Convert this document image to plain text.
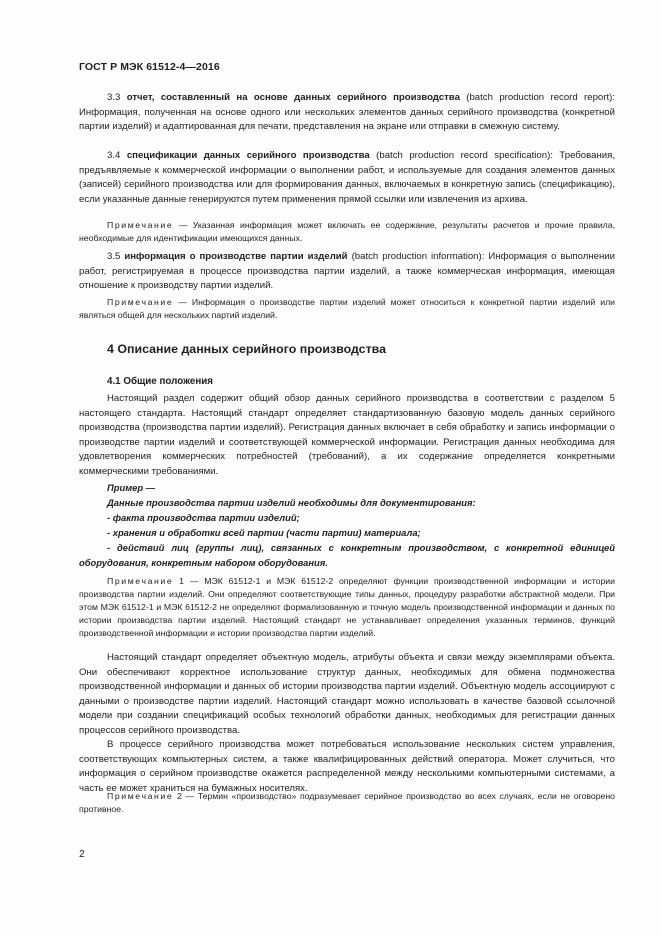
ГОСТ Р МЭК 61512-4—2016
3.3 отчет, составленный на основе данных серийного производства (batch production record report): Информация, полученная на основе одного или нескольких элементов данных серийного производства (конкретной партии изделий) и адаптированная для печати, представления на экране или отправки в смежную систему.
3.4 спецификации данных серийного производства (batch production record specification): Требования, предъявляемые к коммерческой информации о выполнении работ, и используемые для создания элементов данных (записей) серийного производства или для формирования данных, включаемых в конкретную запись (спецификацию), если указанные данные генерируются путем применения прямой ссылки или извлечения из архива.
Примечание — Указанная информация может включать ее содержание, результаты расчетов и прочие правила, необходимые для идентификации имеющихся данных.
3.5 информация о производстве партии изделий (batch production information): Информация о выполнении работ, регистрируемая в процессе производства партии изделий, а также коммерческая информация, имеющая отношение к производству партии изделий.
Примечание — Информация о производстве партии изделий может относиться к конкретной партии изделий или являться общей для нескольких партий изделий.
4 Описание данных серийного производства
4.1 Общие положения
Настоящий раздел содержит общий обзор данных серийного производства в соответствии с разделом 5 настоящего стандарта. Настоящий стандарт определяет стандартизованную базовую модель данных серийного производства (производства партии изделий). Регистрация данных включает в себя обработку и запись информации о производстве партии изделий и соответствующей коммерческой информации. Регистрация данных необходима для удовлетворения коммерческих потребностей (требований), а их содержание определяется конкретными коммерческими требованиями.
Пример —
Данные производства партии изделий необходимы для документирования:
- факта производства партии изделий;
- хранения и обработки всей партии (части партии) материала;
- действий лиц (группы лиц), связанных с конкретным производством, с конкретной единицей оборудования, конкретным набором оборудования.
Примечание 1 — МЭК 61512-1 и МЭК 61512-2 определяют функции производственной информации и истории производства партии изделий. Они определяют соответствующие типы данных, процедуру разработки абстрактной модели. При этом МЭК 61512-1 и МЭК 61512-2 не определяют формализованную и точную модель производственной информации и данных по истории производства партии изделий. Настоящий стандарт не устанавливает определения указанных терминов, функций производственной информации и истории производства партии изделий.
Настоящий стандарт определяет объектную модель, атрибуты объекта и связи между экземплярами объекта. Они обеспечивают корректное использование структур данных, необходимых для обмена подмножества производственной информации и данных об истории производства партии изделий. Объектную модель ассоциируют с данными о производстве партии изделий. Настоящий стандарт можно использовать в качестве базовой ссылочной модели при создании спецификаций особых технологий обработки данных, необходимых для регистрации данных процессов серийного производства.
В процессе серийного производства может потребоваться использование нескольких систем управления, соответствующих компьютерных систем, а также квалифицированных действий оператора. Может случиться, что информация о серийном производстве окажется распределенной между несколькими компьютерными системами, а часть ее может храниться на бумажных носителях.
Примечание 2 — Термин «производство» подразумевает серийное производство во всех случаях, если не оговорено противное.
2
